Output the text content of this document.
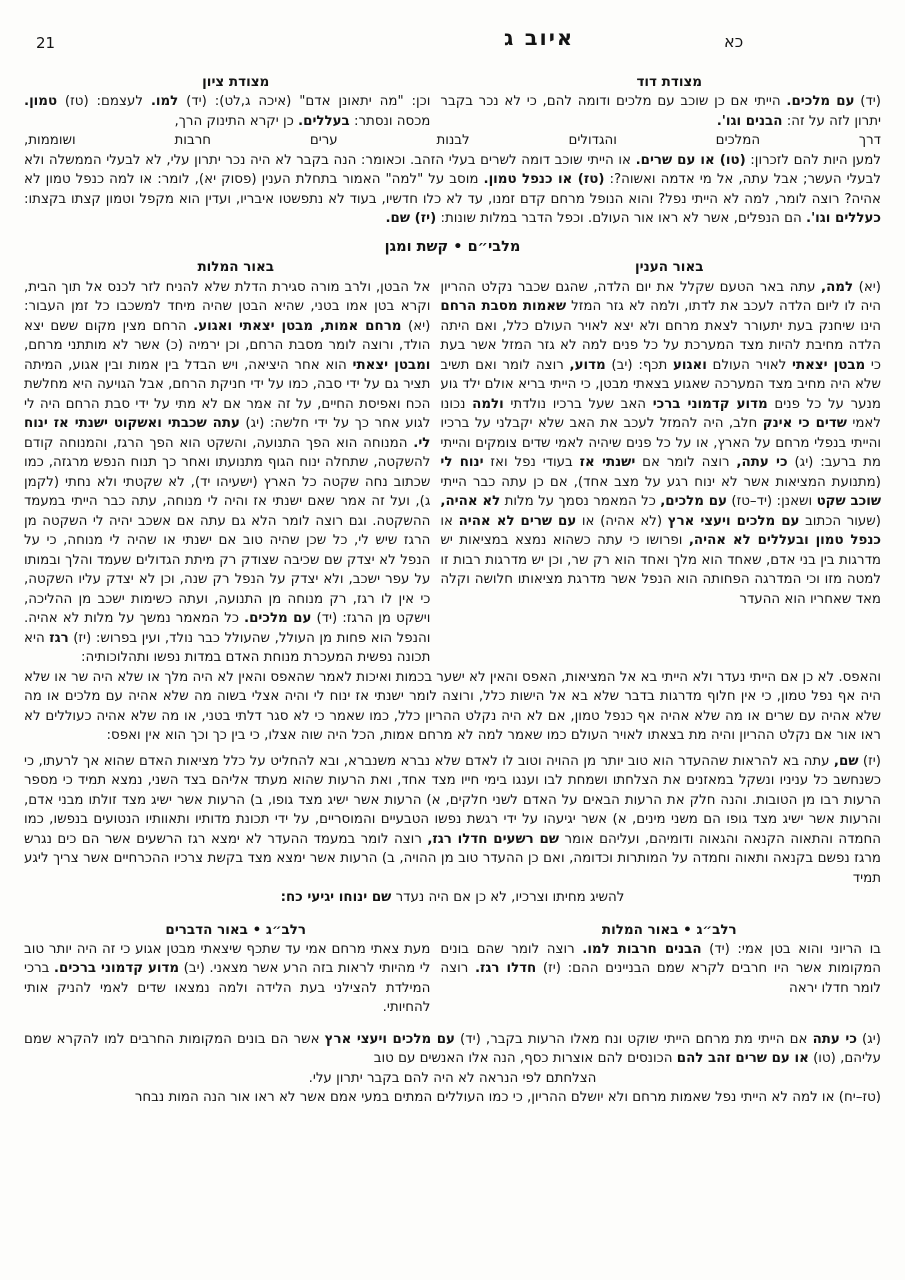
21	איוב ג	כא
מצודת דוד
מצודת ציון
(יד) עם מלכים. הייתי אם כן שוכב עם מלכים ודומה להם, כי לא נכר בקבר יתרון לזה על זה: הבנים וגו'.
וכן: "מה יתאונן אדם" (איכה ג,לט): (יד) למו. לעצמם: (טז) טמון. מכסה ונסתר: בעללים. כן יקרא התינוק הרך,
דרך המלכים והגדולים לבנות ערים חרבות ושוממות,
למען היות להם לזכרון: (טו) או עם שרים. או הייתי שוכב דומה לשרים בעלי הזהב. וכאומר: הנה בקבר לא היה נכר יתרון עלי, לא לבעלי הממשלה ולא לבעלי העשר; אבל עתה, אל מי אדמה ואשוה?: (טז) או כנפל טמון. מוסב על "למה" האמור בתחלת הענין (פסוק יא), לומר: או למה כנפל טמון לא אהיה? רוצה לומר, למה לא הייתי נפל? והוא הנופל מרחם קדם זמנו, עד לא כלו חדשיו, בעוד לא נתפשטו איבריו, ועדין הוא מקפל וטמון קצתו בקצתו: כעללים וגו'. הם הנפלים, אשר לא ראו אור העולם. וכפל הדבר במלות שונות: (יז) שם.
מלבי״ם • קשת ומגן
באור הענין
באור המלות
(יא) למה, עתה באר הטעם שקלל את יום הלדה, שהגם שכבר נקלט ההריון היה לו ליום הלדה לעכב את לדתו, ולמה לא גזר המזל שאמות מסבת הרחם הינו שיחנק בעת יתעורר לצאת מרחם ולא יצא לאויר העולם כלל, ואם היתה הלדה מחיבת להיות מצד המערכת על כל פנים למה לא גזר המזל אשר בעת כי מבטן יצאתי לאויר העולם ואגוע תכף: (יב) מדוע, רוצה לומר ואם תשיב שלא היה מחיב מצד המערכה שאגוע בצאתי מבטן, כי הייתי בריא אולם ילד גוע מנער על כל פנים מדוע קדמוני ברכי האב שעל ברכיו נולדתי ולמה נכונו לאמי שדים כי אינק חלב, היה להמזל לעכב את האב שלא יקבלני על ברכיו והייתי בנפלי מרחם על הארץ, או על כל פנים שיהיה לאמי שדים צומקים והייתי מת ברעב: (יג) כי עתה, רוצה לומר אם ישנתי אז בעודי נפל ואז ינוח לי (מתנועת המציאות אשר לא ינוח רגע על מצב אחד), אם כן עתה כבר הייתי שוכב שקט ושאנן: (יד–טז) עם מלכים, כל המאמר נסמך על מלות לא אהיה, (שעור הכתוב עם מלכים ויעצי ארץ (לא אהיה) או עם שרים לא אהיה או כנפל טמון ובעללים לא אהיה, ופרושו כי עתה כשהוא נמצא במציאות יש מדרגות בין בני אדם, שאחד הוא מלך ואחד הוא רק שר, וכן יש מדרגות רבות זו למטה מזו וכי המדרגה הפחותה הוא הנפל אשר מדרגת מציאותו חלושה וקלה מאד שאחריו הוא ההעדר
אל הבטן, ולרב מורה סגירת הדלת שלא להניח לזר לכנס אל תוך הבית, וקרא בטן אמו בטני, שהיא הבטן שהיה מיחד למשכבו כל זמן העבור: (יא) מרחם אמות, מבטן יצאתי ואגוע. הרחם מצין מקום ששם יצא הולד, ורוצה לומר מסבת הרחם, וכן ירמיה (כ) אשר לא מותתני מרחם, ומבטן יצאתי הוא אחר היציאה, ויש הבדל בין אמות ובין אגוע, המיתה תציר גם על ידי סבה, כמו על ידי חניקת הרחם, אבל הגויעה היא מחלשת הכח ואפיסת החיים, על זה אמר אם לא מתי על ידי סבת הרחם היה לי לגוע אחר כך על ידי חלשה: (יג) עתה שכבתי ואשקוט ישנתי אז ינוח לי. המנוחה הוא הפך התנועה, והשקט הוא הפך הרגז, והמנוחה קודם להשקטה, שתחלה ינוח הגוף מתנועתו ואחר כך תנוח הנפש מרגזה, כמו שכתוב נחה שקטה כל הארץ (ישעיהו יד), לא שקטתי ולא נחתי (לקמן ג), ועל זה אמר שאם ישנתי אז והיה לי מנוחה, עתה כבר הייתי במעמד ההשקטה. וגם רוצה לומר הלא גם עתה אם אשכב יהיה לי השקטה מן הרגז שיש לי, כל שכן שהיה טוב אם ישנתי או שהיה לי מנוחה, כי על הנפל לא יצדק שם שכיבה שצודק רק מיתת הגדולים שעמד והלך ובמותו על עפר ישכב, ולא יצדק על הנפל רק שנה, וכן לא יצדק עליו השקטה, כי אין לו רגז, רק מנוחה מן התנועה, ועתה כשימות ישכב מן ההליכה, וישקט מן הרגז: (יד) עם מלכים. כל המאמר נמשך על מלות לא אהיה. והנפל הוא פחות מן העולל, שהעולל כבר נולד, ועין בפרוש: (יז) רגז היא תכונה נפשית המעכרת מנוחת האדם במדות נפשו ותהלוכותיה:
והאפס. לא כן אם הייתי נעדר ולא הייתי בא אל המציאות, האפס והאין לא ישער בכמות ואיכות לאמר שהאפס והאין לא היה מלך או שלא היה שר או שלא היה אף נפל טמון, כי אין חלוף מדרגות בדבר שלא בא אל הישות כלל, ורוצה לומר ישנתי אז ינוח לי והיה אצלי בשוה מה שלא אהיה עם מלכים או מה שלא אהיה עם שרים או מה שלא אהיה אף כנפל טמון, אם לא היה נקלט ההריון כלל, כמו שאמר כי לא סגר דלתי בטני, או מה שלא אהיה כעוללים לא ראו אור אם נקלט ההריון והיה מת בצאתו לאויר העולם כמו שאמר למה לא מרחם אמות, הכל היה שוה אצלו, כי בין כך וכך הוא אין ואפס:
(יז) שם, עתה בא להראות שההעדר הוא טוב יותר מן ההויה וטוב לו לאדם שלא נברא משנברא, ובא להחליט על כלל מציאות האדם שהוא אך לרעתו, כי כשנחשב כל עניניו ונשקל במאזנים את הצלחתו ושמחת לבו וענגו בימי חייו מצד אחד, ואת הרעות שהוא מעתד אליהם בצד השני, נמצא תמיד כי מספר הרעות רבו מן הטובות. והנה חלק את הרעות הבאים על האדם לשני חלקים, א) הרעות אשר ישיג מצד גופו, ב) הרעות אשר ישיג מצד זולתו מבני אדם, והרעות אשר ישיג מצד גופו הם משני מינים, א) אשר יגיעהו על ידי רגשת נפשו הטבעיים והמוסריים, על ידי תכונת מדותיו ותאוותיו הנטועים בנפשו, כמו החמדה והתאוה הקנאה והגאוה ודומיהם, ועליהם אומר שם רשעים חדלו רגז, רוצה לומר במעמד ההעדר לא ימצא רגז הרשעים אשר הם כים נגרש מרגז נפשם בקנאה ותאוה וחמדה על המותרות וכדומה, ואם כן ההעדר טוב מן ההויה, ב) הרעות אשר ימצא מצד בקשת צרכיו ההכרחיים אשר צריך ליגע תמיד
להשיג מחיתו וצרכיו, לא כן אם היה נעדר שם ינוחו יגיעי כח:
רלב״ג • באור המלות
רלב״ג • באור הדברים
בו הריוני והוא בטן אמי: (יד) הבנים חרבות למו. רוצה לומר שהם בונים המקומות אשר היו חרבים לקרא שמם הבניינים ההם: (יז) חדלו רגז. רוצה לומר חדלו יראה
מעת צאתי מרחם אמי עד שתכף שיצאתי מבטן אגוע כי זה היה יותר טוב לי מהיותי לראות בזה הרע אשר מצאני. (יב) מדוע קדמוני ברכים. ברכי המילדת להצילני בעת הלידה ולמה נמצאו שדים לאמי להניק אותי להחיותי.
(יג) כי עתה אם הייתי מת מרחם הייתי שוקט ונח מאלו הרעות בקבר, (יד) עם מלכים ויעצי ארץ אשר הם בונים המקומות החרבים למו להקרא שמם עליהם, (טו) או עם שרים זהב להם הכונסים להם אוצרות כסף, הנה אלו האנשים עם טוב
הצלחתם לפי הנראה לא היה להם בקבר יתרון עלי.
(טז–יח) או למה לא הייתי נפל שאמות מרחם ולא יושלם ההריון, כי כמו העוללים המתים במעי אמם אשר לא ראו אור הנה המות נבחר
